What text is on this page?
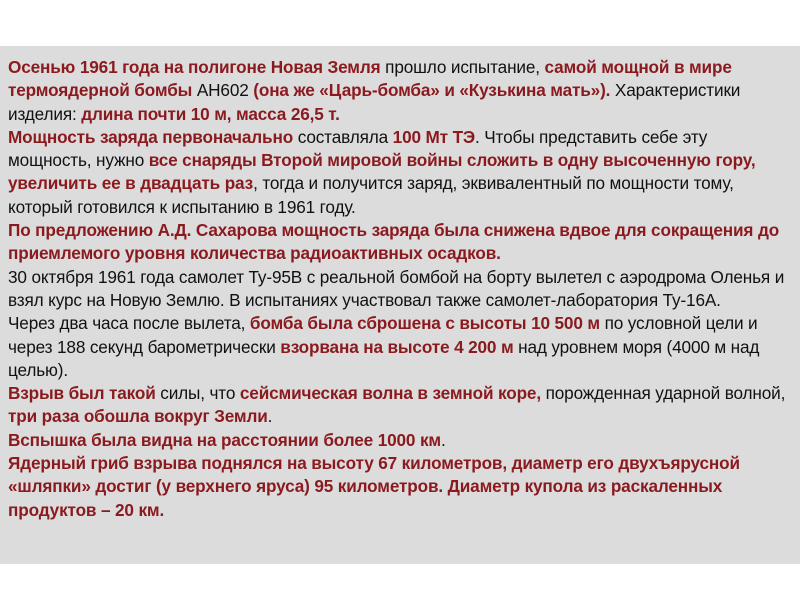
Осенью 1961 года на полигоне Новая Земля прошло испытание, самой мощной в мире термоядерной бомбы АН602 (она же «Царь-бомба» и «Кузькина мать»). Характеристики изделия: длина почти 10 м, масса 26,5 т.
Мощность заряда первоначально составляла 100 Мт ТЭ. Чтобы представить себе эту мощность, нужно все снаряды Второй мировой войны сложить в одну высоченную гору, увеличить ее в двадцать раз, тогда и получится заряд, эквивалентный по мощности тому, который готовился к испытанию в 1961 году.
По предложению А.Д. Сахарова мощность заряда была снижена вдвое для сокращения до приемлемого уровня количества радиоактивных осадков.
30 октября 1961 года самолет Ту-95В с реальной бомбой на борту вылетел с аэродрома Оленья и взял курс на Новую Землю. В испытаниях участвовал также самолет-лаборатория Ту-16А.
Через два часа после вылета, бомба была сброшена с высоты 10 500 м по условной цели и через 188 секунд барометрически взорвана на высоте 4 200 м над уровнем моря (4000 м над целью).
Взрыв был такой силы, что сейсмическая волна в земной коре, порожденная ударной волной, три раза обошла вокруг Земли.
Вспышка была видна на расстоянии более 1000 км.
Ядерный гриб взрыва поднялся на высоту 67 километров, диаметр его двухъярусной «шляпки» достиг (у верхнего яруса) 95 километров. Диаметр купола из раскаленных продуктов – 20 км.
